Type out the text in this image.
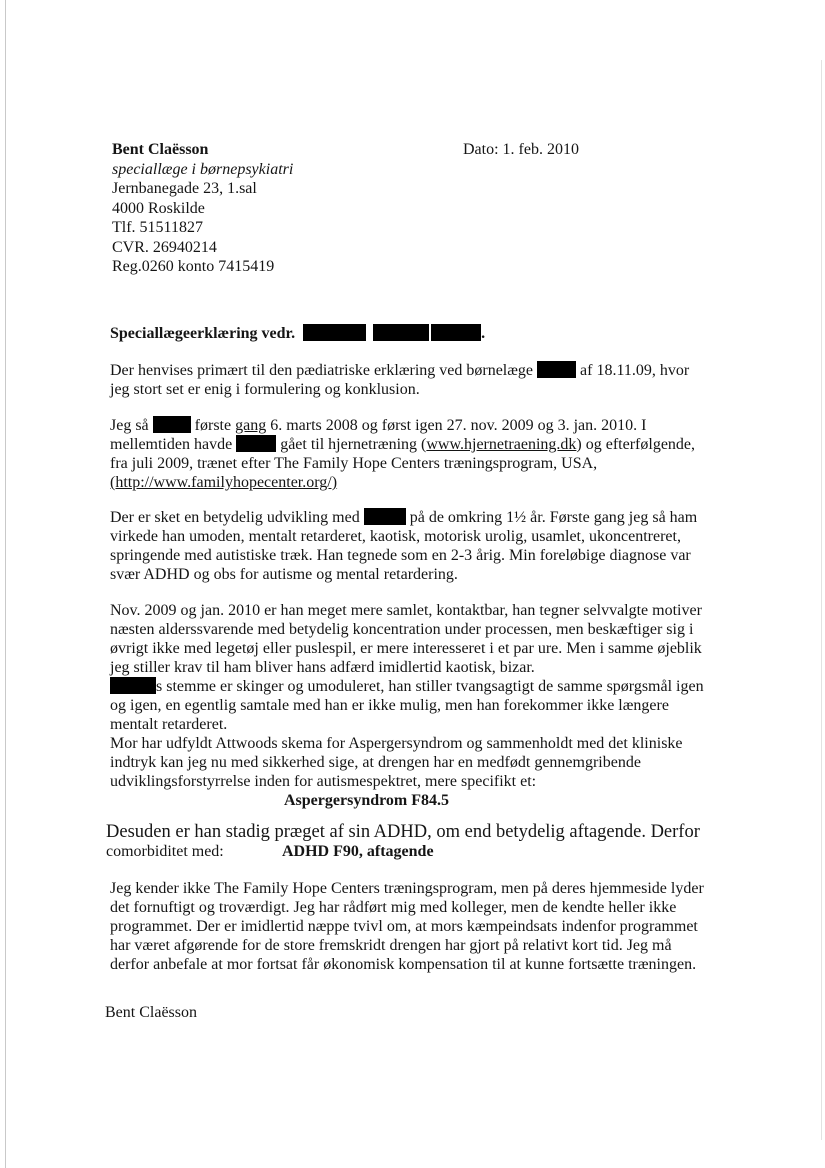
Bent Claësson
speciallæge i børnepsykiatri
Jernbanegade 23, 1.sal
4000 Roskilde
Tlf. 51511827
CVR. 26940214
Reg.0260 konto 7415419
Dato: 1. feb. 2010
Speciallægeerklæring vedr.	.
Der henvises primært til den pædiatriske erklæring ved børnelæge	af 18.11.09, hvor
jeg stort set er enig i formulering og konklusion.
Jeg så	første gang 6. marts 2008 og først igen 27. nov. 2009 og 3. jan. 2010. I
mellemtiden havde	gået til hjernetræning (www.hjernetraening.dk) og efterfølgende,
fra juli 2009, trænet efter The Family Hope Centers træningsprogram, USA,
(http://www.familyhopecenter.org/)
Der er sket en betydelig udvikling med	på de omkring 1½ år. Første gang jeg så ham
virkede han umoden, mentalt retarderet, kaotisk, motorisk urolig, usamlet, ukoncentreret,
springende med autistiske træk. Han tegnede som en 2-3 årig. Min foreløbige diagnose var
svær ADHD og obs for autisme og mental retardering.
Nov. 2009 og jan. 2010 er han meget mere samlet, kontaktbar, han tegner selvvalgte motiver
næsten alderssvarende med betydelig koncentration under processen, men beskæftiger sig i
øvrigt ikke med legetøj eller puslespil, er mere interesseret i et par ure. Men i samme øjeblik
jeg stiller krav til ham bliver hans adfærd imidlertid kaotisk, bizar.
s stemme er skinger og umoduleret, han stiller tvangsagtigt de samme spørgsmål igen
og igen, en egentlig samtale med han er ikke mulig, men han forekommer ikke længere
mentalt retarderet.
Mor har udfyldt Attwoods skema for Aspergersyndrom og sammenholdt med det kliniske
indtryk kan jeg nu med sikkerhed sige, at drengen har en medfødt gennemgribende
udviklingsforstyrrelse inden for autismespektret, mere specifikt et:
Aspergersyndrom F84.5
Desuden er han stadig præget af sin ADHD, om end betydelig aftagende. Derfor
comorbiditet med:	ADHD F90, aftagende
Jeg kender ikke The Family Hope Centers træningsprogram, men på deres hjemmeside lyder
det fornuftigt og troværdigt. Jeg har rådført mig med kolleger, men de kendte heller ikke
programmet. Der er imidlertid næppe tvivl om, at mors kæmpeindsats indenfor programmet
har været afgørende for de store fremskridt drengen har gjort på relativt kort tid. Jeg må
derfor anbefale at mor fortsat får økonomisk kompensation til at kunne fortsætte træningen.
Bent Claësson
